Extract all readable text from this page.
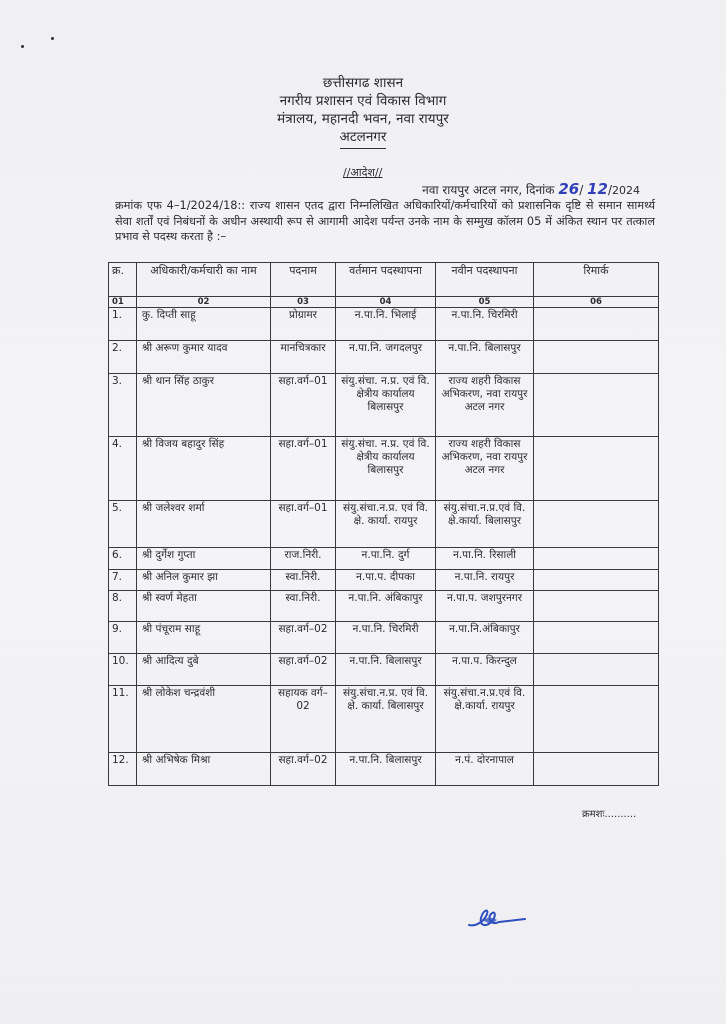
छत्तीसगढ शासन
नगरीय प्रशासन एवं विकास विभाग
मंत्रालय, महानदी भवन, नवा रायपुर
अटलनगर
//आदेश//
नवा रायपुर अटल नगर, दिनांक 26/ 12/2024
क्रमांक एफ 4–1/2024/18:: राज्य शासन एतद द्वारा निम्नलिखित अधिकारियों/कर्मचारियों को प्रशासनिक दृष्टि से समान सामर्थ्य सेवा शर्तों एवं निबंधनों के अधीन अस्थायी रूप से आगामी आदेश पर्यन्त उनके नाम के सम्मुख कॉलम 05 में अंकित स्थान पर तत्काल प्रभाव से पदस्थ करता है :–
क्र.	अधिकारी/कर्मचारी का नाम	पदनाम	वर्तमान पदस्थापना	नवीन पदस्थापना	रिमार्क
01	02	03	04	05	06
1.	कु. दिप्ती साहू	प्रोग्रामर	न.पा.नि. भिलाई	न.पा.नि. चिरमिरी	
2.	श्री अरूण कुमार यादव	मानचित्रकार	न.पा.नि. जगदलपुर	न.पा.नि. बिलासपुर	
3.	श्री थान सिंह ठाकुर	सहा.वर्ग–01	संयु.संचा. न.प्र. एवं वि. क्षेत्रीय कार्यालय बिलासपुर	राज्य शहरी विकास अभिकरण, नवा रायपुर अटल नगर	
4.	श्री विजय बहादुर सिंह	सहा.वर्ग–01	संयु.संचा. न.प्र. एवं वि. क्षेत्रीय कार्यालय बिलासपुर	राज्य शहरी विकास अभिकरण, नवा रायपुर अटल नगर	
5.	श्री जलेश्वर शर्मा	सहा.वर्ग–01	संयु.संचा.न.प्र. एवं वि. क्षे. कार्या. रायपुर	संयु.संचा.न.प्र.एवं वि. क्षे.कार्या. बिलासपुर	
6.	श्री दुर्गेश गुप्ता	राज.निरी.	न.पा.नि. दुर्ग	न.पा.नि. रिसाली	
7.	श्री अनिल कुमार झा	स्वा.निरी.	न.पा.प. दीपका	न.पा.नि. रायपुर	
8.	श्री स्वर्ण मेहता	स्वा.निरी.	न.पा.नि. अंबिकापुर	न.पा.प. जशपुरनगर	
9.	श्री पंचूराम साहू	सहा.वर्ग–02	न.पा.नि. चिरमिरी	न.पा.नि.अंबिकापुर	
10.	श्री आदित्य दुबे	सहा.वर्ग–02	न.पा.नि. बिलासपुर	न.पा.प. किरन्दुल	
11.	श्री लोकेश चन्द्रवंशी	सहायक वर्ग–02	संयु.संचा.न.प्र. एवं वि. क्षे. कार्या. बिलासपुर	संयु.संचा.न.प्र.एवं वि. क्षे.कार्या. रायपुर	
12.	श्री अभिषेक मिश्रा	सहा.वर्ग–02	न.पा.नि. बिलासपुर	न.पं. दोरनापाल	
क्रमशः..........
